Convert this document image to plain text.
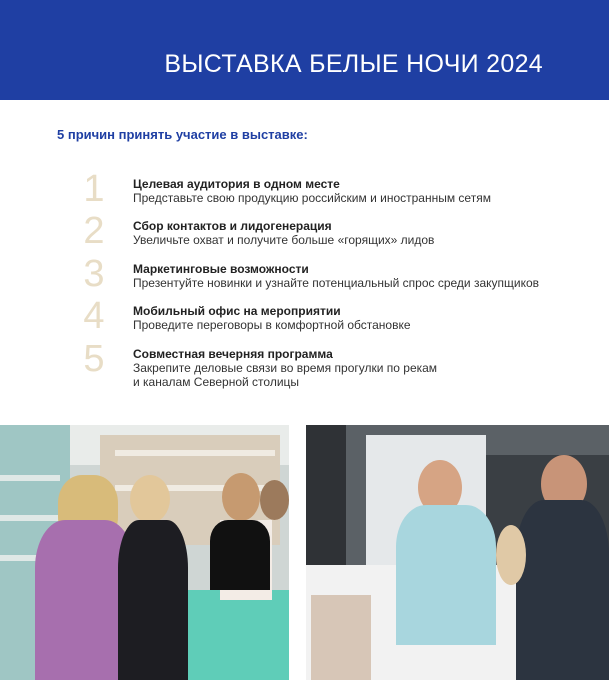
ВЫСТАВКА БЕЛЫЕ НОЧИ 2024
5 причин принять участие в выставке:
1 Целевая аудитория в одном месте
Представьте свою продукцию российским и иностранным сетям
2 Сбор контактов и лидогенерация
Увеличьте охват и получите больше «горящих» лидов
3 Маркетинговые возможности
Презентуйте новинки и узнайте потенциальный спрос среди закупщиков
4 Мобильный офис на мероприятии
Проведите переговоры в комфортной обстановке
5 Совместная вечерняя программа
Закрепите деловые связи во время прогулки по рекам
и каналам Северной столицы
